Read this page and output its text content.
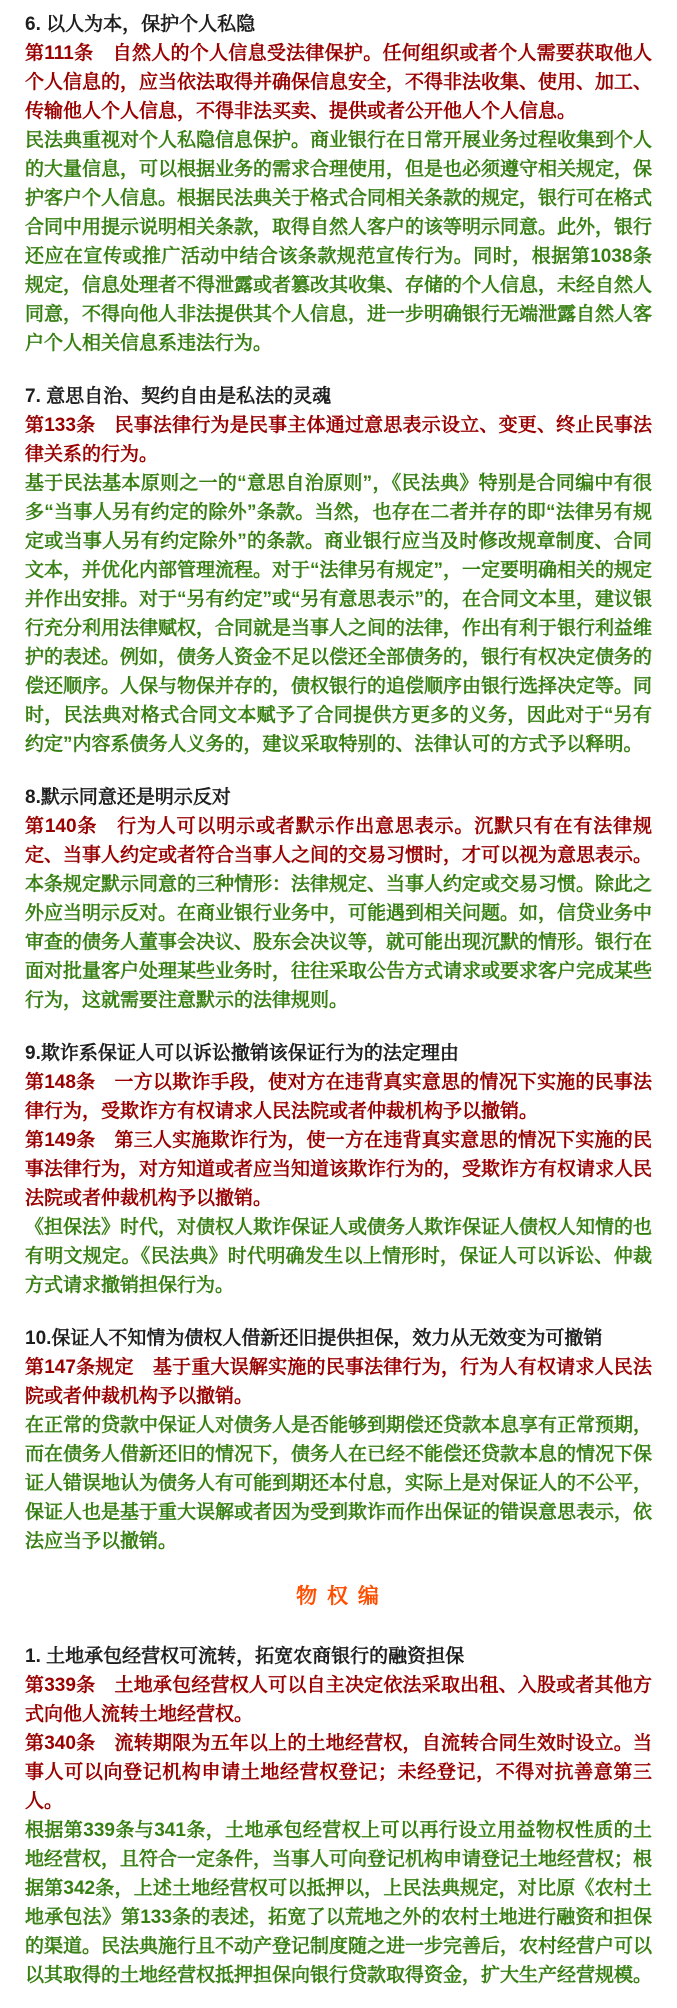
6. 以人为本，保护个人私隐

第111条　自然人的个人信息受法律保护。任何组织或者个人需要获取他人个人信息的，应当依法取得并确保信息安全，不得非法收集、使用、加工、传输他人个人信息，不得非法买卖、提供或者公开他人个人信息。

民法典重视对个人私隐信息保护。商业银行在日常开展业务过程收集到个人的大量信息，可以根据业务的需求合理使用，但是也必须遵守相关规定，保护客户个人信息。根据民法典关于格式合同相关条款的规定，银行可在格式合同中用提示说明相关条款，取得自然人客户的该等明示同意。此外，银行还应在宣传或推广活动中结合该条款规范宣传行为。同时，根据第1038条规定，信息处理者不得泄露或者篡改其收集、存储的个人信息，未经自然人同意，不得向他人非法提供其个人信息，进一步明确银行无端泄露自然人客户个人相关信息系违法行为。

7. 意思自治、契约自由是私法的灵魂

第133条　民事法律行为是民事主体通过意思表示设立、变更、终止民事法律关系的行为。

基于民法基本原则之一的“意思自治原则”，《民法典》特别是合同编中有很多“当事人另有约定的除外”条款。当然，也存在二者并存的即“法律另有规定或当事人另有约定除外”的条款。商业银行应当及时修改规章制度、合同文本，并优化内部管理流程。对于“法律另有规定”，一定要明确相关的规定并作出安排。对于“另有约定”或“另有意思表示”的，在合同文本里，建议银行充分利用法律赋权，合同就是当事人之间的法律，作出有利于银行利益维护的表述。例如，债务人资金不足以偿还全部债务的，银行有权决定债务的偿还顺序。人保与物保并存的，债权银行的追偿顺序由银行选择决定等。同时，民法典对格式合同文本赋予了合同提供方更多的义务，因此对于“另有约定”内容系债务人义务的，建议采取特别的、法律认可的方式予以释明。

8.默示同意还是明示反对

第140条　行为人可以明示或者默示作出意思表示。沉默只有在有法律规定、当事人约定或者符合当事人之间的交易习惯时，才可以视为意思表示。

本条规定默示同意的三种情形：法律规定、当事人约定或交易习惯。除此之外应当明示反对。在商业银行业务中，可能遇到相关问题。如，信贷业务中审查的债务人董事会决议、股东会决议等，就可能出现沉默的情形。银行在面对批量客户处理某些业务时，往往采取公告方式请求或要求客户完成某些行为，这就需要注意默示的法律规则。

9.欺诈系保证人可以诉讼撤销该保证行为的法定理由

第148条　一方以欺诈手段，使对方在违背真实意思的情况下实施的民事法律行为，受欺诈方有权请求人民法院或者仲裁机构予以撤销。

第149条　第三人实施欺诈行为，使一方在违背真实意思的情况下实施的民事法律行为，对方知道或者应当知道该欺诈行为的，受欺诈方有权请求人民法院或者仲裁机构予以撤销。

《担保法》时代，对债权人欺诈保证人或债务人欺诈保证人债权人知情的也有明文规定。《民法典》时代明确发生以上情形时，保证人可以诉讼、仲裁方式请求撤销担保行为。

10.保证人不知情为债权人借新还旧提供担保，效力从无效变为可撤销

第147条规定　基于重大误解实施的民事法律行为，行为人有权请求人民法院或者仲裁机构予以撤销。

在正常的贷款中保证人对债务人是否能够到期偿还贷款本息享有正常预期，而在债务人借新还旧的情况下，债务人在已经不能偿还贷款本息的情况下保证人错误地认为债务人有可能到期还本付息，实际上是对保证人的不公平，保证人也是基于重大误解或者因为受到欺诈而作出保证的错误意思表示，依法应当予以撤销。

物 权 编
1. 土地承包经营权可流转，拓宽农商银行的融资担保

第339条　土地承包经营权人可以自主决定依法采取出租、入股或者其他方式向他人流转土地经营权。

第340条　流转期限为五年以上的土地经营权，自流转合同生效时设立。当事人可以向登记机构申请土地经营权登记；未经登记，不得对抗善意第三人。

根据第339条与341条，土地承包经营权上可以再行设立用益物权性质的土地经营权，且符合一定条件，当事人可向登记机构申请登记土地经营权；根据第342条，上述土地经营权可以抵押以，上民法典规定，对比原《农村土地承包法》第133条的表述，拓宽了以荒地之外的农村土地进行融资和担保的渠道。民法典施行且不动产登记制度随之进一步完善后，农村经营户可以以其取得的土地经营权抵押担保向银行贷款取得资金，扩大生产经营规模。
